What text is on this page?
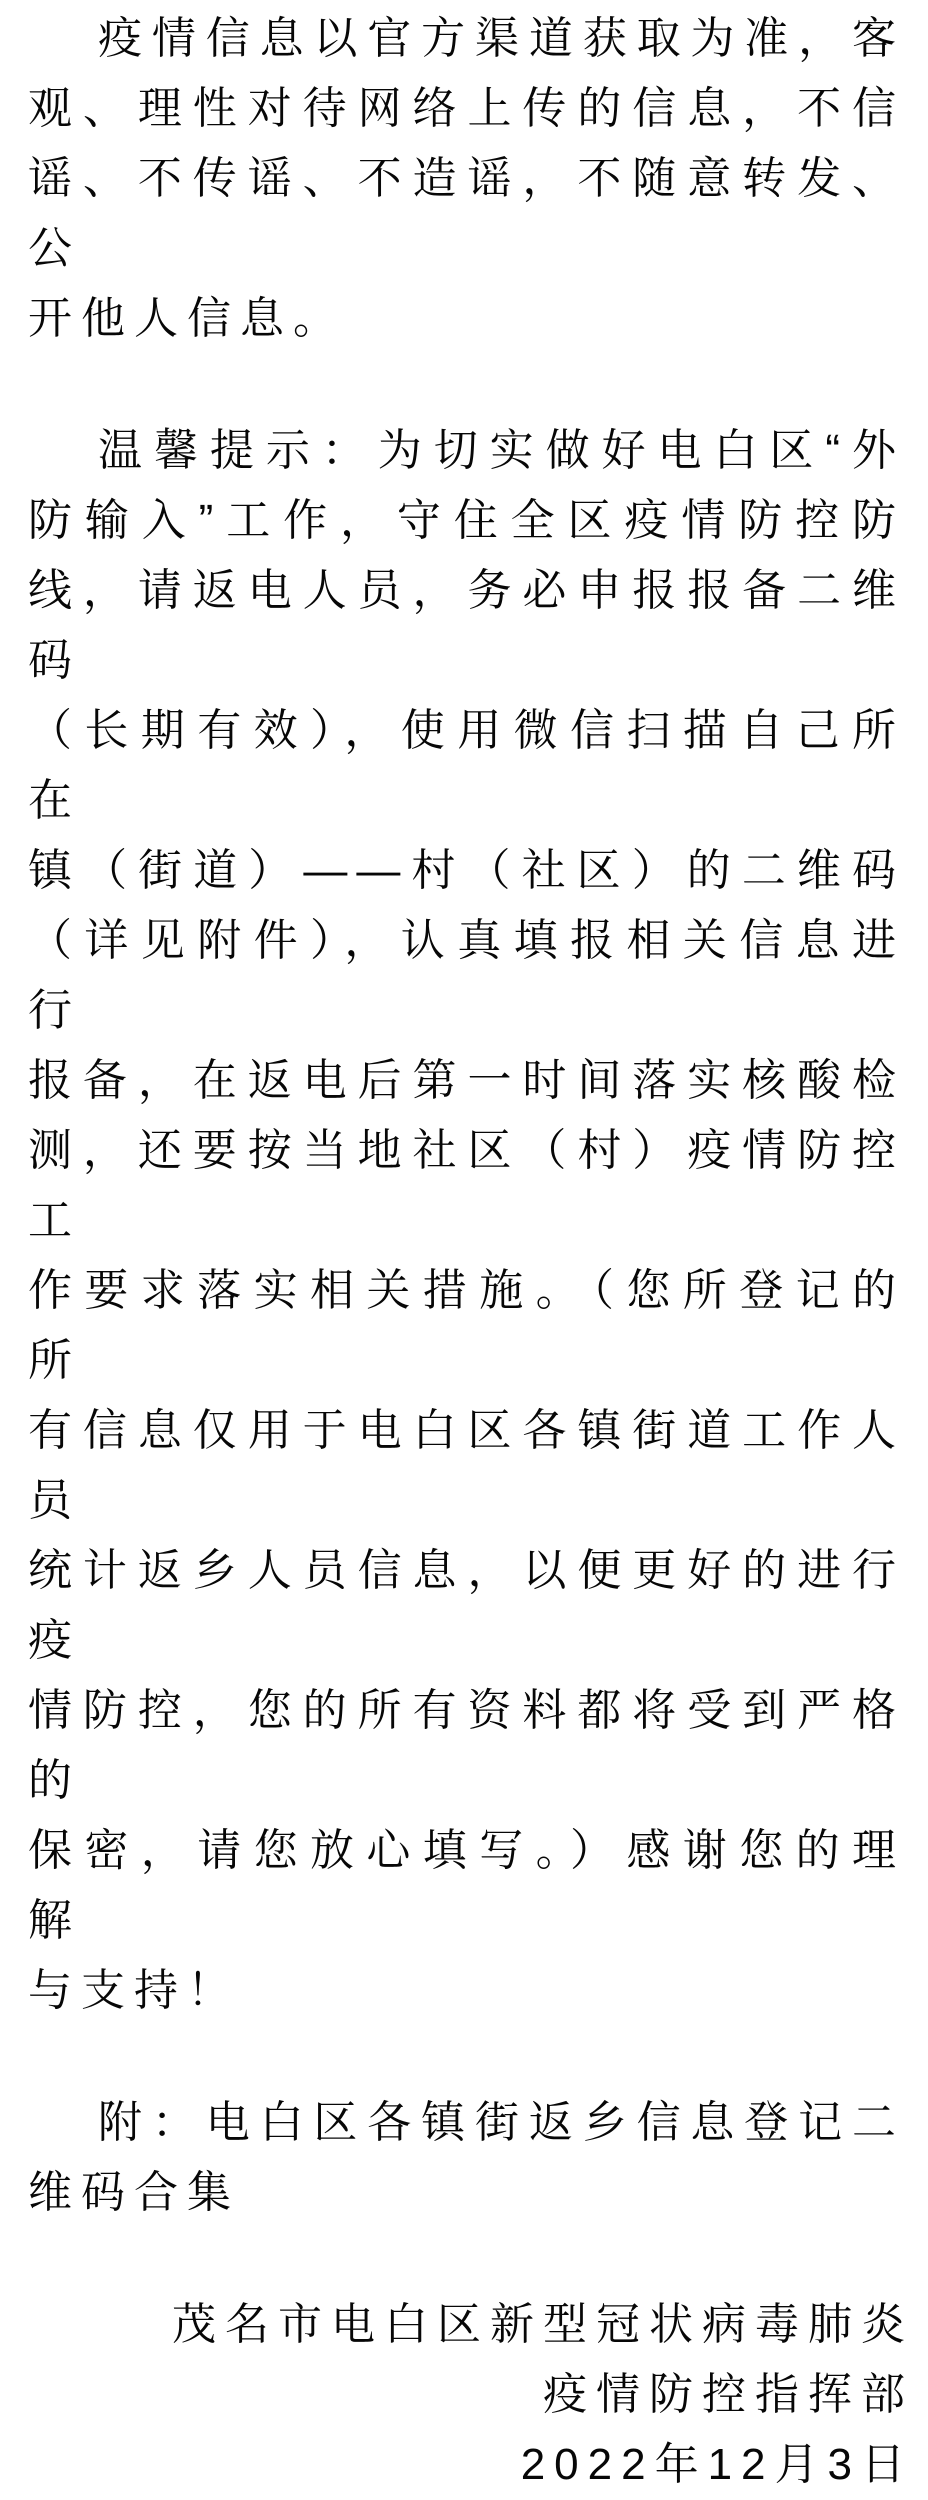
疫情信息以官方渠道获取为准，客
观、理性对待网络上传的信息，不信
谣、不传谣、不造谣，不随意转发、公
开他人信息。
温馨提示：为切实做好电白区“外
防输入”工作，守住全区疫情防控防
线，请返电人员，务必申报报备二维码
（长期有效），使用微信扫描自己所在
镇（街道）——村（社区）的二维码
（详见附件），认真填报相关信息进行
报备，在返电后第一时间落实核酸检
测，还要按当地社区（村）疫情防控工
作要求落实相关措施。（您所登记的所
有信息仅用于电白区各镇街道工作人员
统计返乡人员信息，以便更好的进行疫
情防控，您的所有资料都将受到严格的
保密，请您放心填写。）感谢您的理解
与支持！
附：电白区各镇街返乡信息登记二
维码合集
茂名市电白区新型冠状病毒肺炎
疫情防控指挥部
2022年12月3日
